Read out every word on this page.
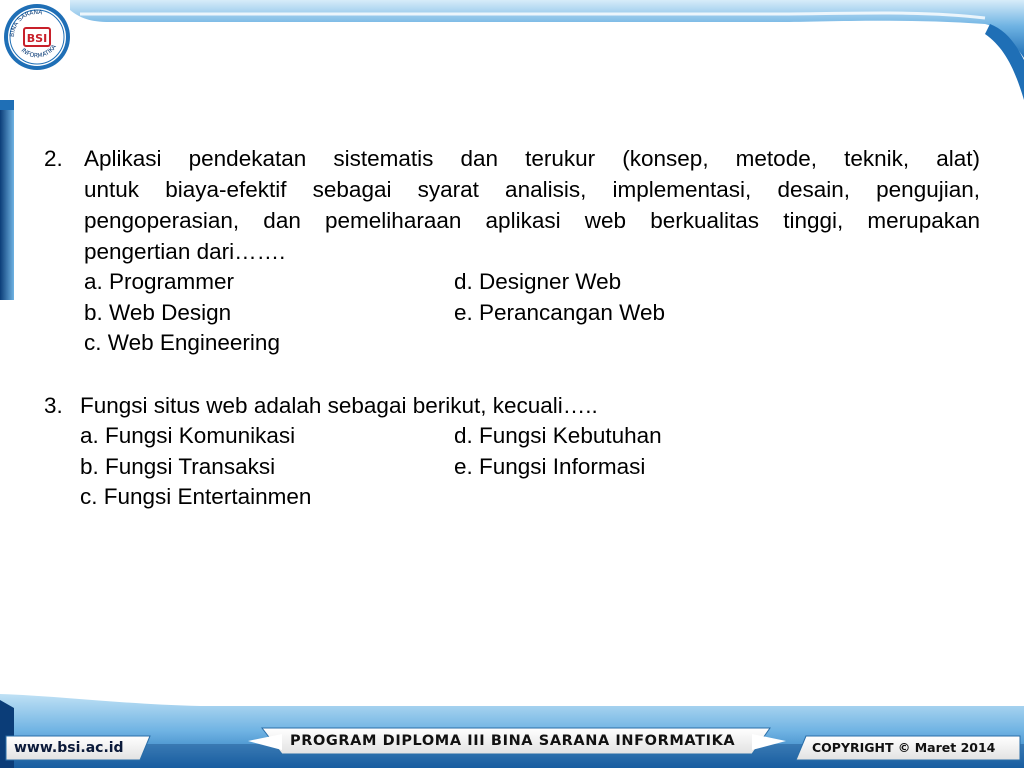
BSI
BINA SARANA
INFORMATIKA
2. Aplikasi pendekatan sistematis dan terukur (konsep, metode, teknik, alat)
untuk biaya-efektif sebagai syarat analisis, implementasi, desain, pengujian,
pengoperasian, dan pemeliharaan aplikasi web berkualitas tinggi, merupakan
pengertian dari…….
a. Programmer	d. Designer Web
b. Web Design	e. Perancangan Web
c. Web Engineering
3. Fungsi situs web adalah sebagai berikut, kecuali…..
a. Fungsi Komunikasi	d. Fungsi Kebutuhan
b. Fungsi Transaksi	e. Fungsi Informasi
c. Fungsi Entertainmen
www.bsi.ac.id	PROGRAM DIPLOMA III BINA SARANA INFORMATIKA	COPYRIGHT © Maret 2014
